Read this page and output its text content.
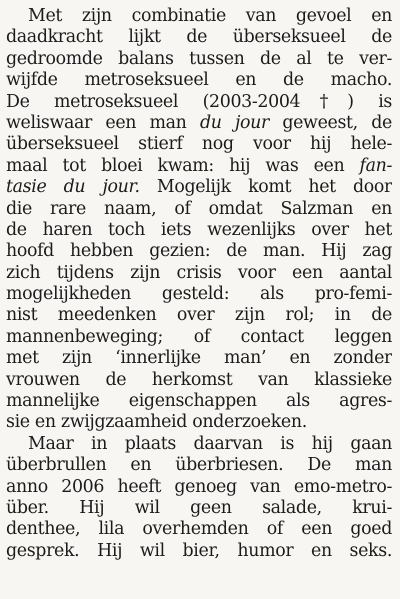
Met zijn combinatie van gevoel en
daadkracht lijkt de überseksueel de
gedroomde balans tussen de al te ver-
wijfde metroseksueel en de macho.
De metroseksueel (2003-2004†) is
weliswaar een man du jour geweest, de
überseksueel stierf nog voor hij hele-
maal tot bloei kwam: hij was een fan-
tasie du jour. Mogelijk komt het door
die rare naam, of omdat Salzman en
de haren toch iets wezenlijks over het
hoofd hebben gezien: de man. Hij zag
zich tijdens zijn crisis voor een aantal
mogelijkheden gesteld: als pro-femi-
nist meedenken over zijn rol; in de
mannenbeweging; of contact leggen
met zijn ‘innerlijke man’ en zonder
vrouwen de herkomst van klassieke
mannelijke eigenschappen als agres-
sie en zwijgzaamheid onderzoeken.
Maar in plaats daarvan is hij gaan
überbrullen en überbriesen. De man
anno 2006 heeft genoeg van emo-metro-
über. Hij wil geen salade, krui-
denthee, lila overhemden of een goed
gesprek. Hij wil bier, humor en seks.
